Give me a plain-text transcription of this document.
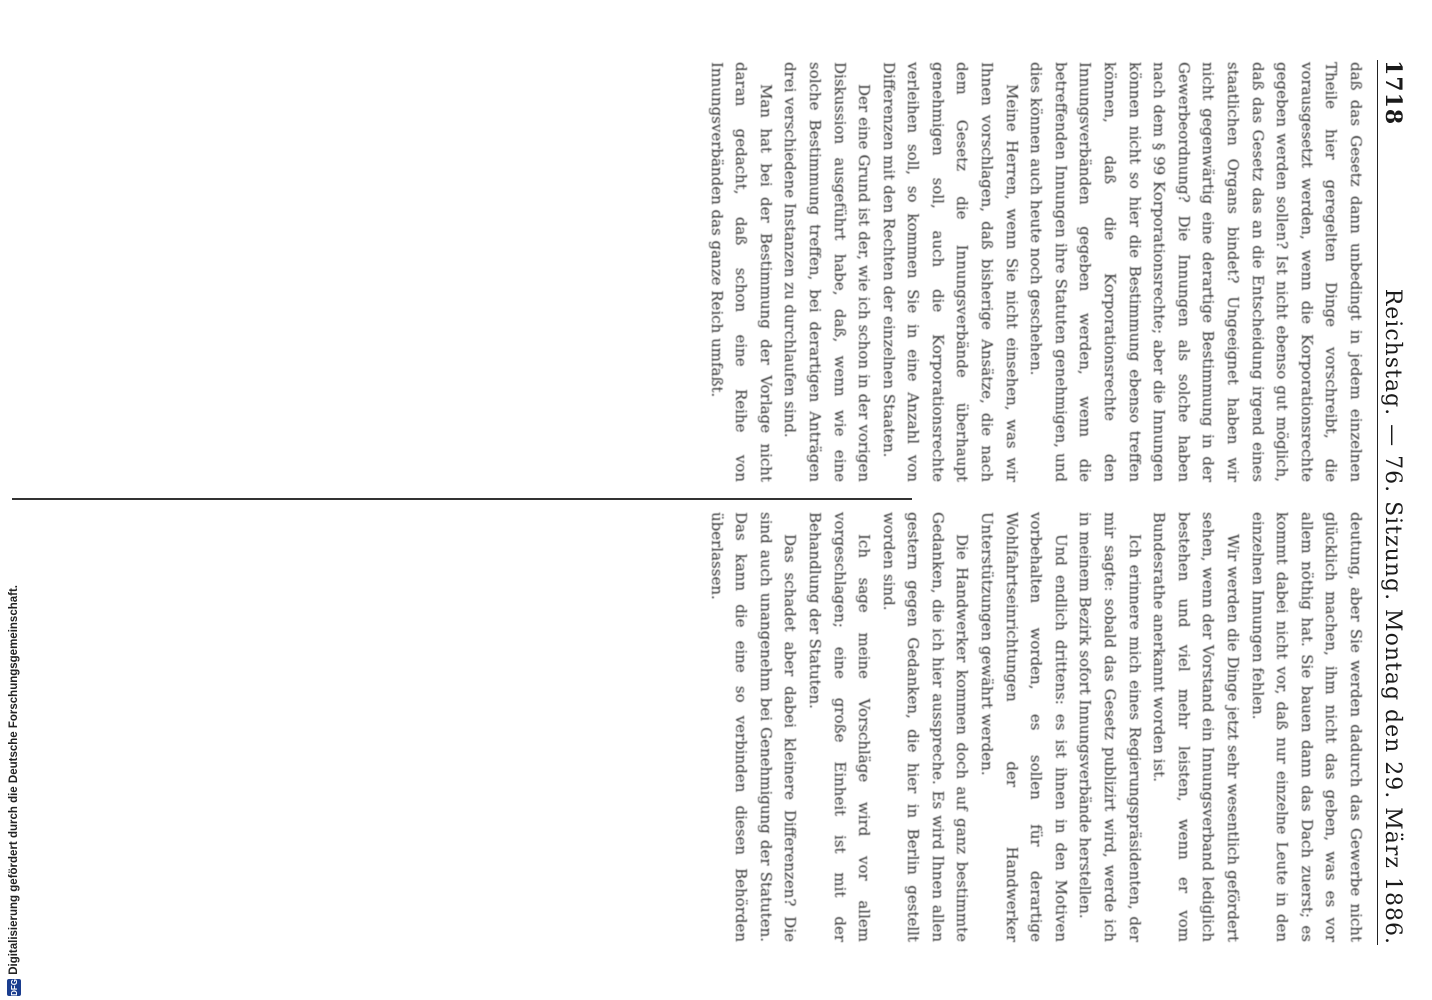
1718
Reichstag. — 76. Sitzung. Montag den 29. März 1886.

daß das Gesetz dann unbedingt in jedem einzelnen Theile hier geregelten Dinge vorschreibt, die vorausgesetzt werden, wenn die Korporationsrechte gegeben werden sollen? Ist nicht ebenso gut möglich, daß das Gesetz das an die Entscheidung irgend eines staatlichen Organs bindet? Ungeeignet haben wir nicht gegenwärtig eine derartige Bestimmung in der Gewerbeordnung? Die Innungen als solche haben nach dem § 99 Korporationsrechte; aber die Innungen können nicht so hier die Bestimmung ebenso treffen können, daß die Korporationsrechte den Innungsverbänden gegeben werden, wenn die betreffenden Innungen ihre Statuten genehmigen, und dies können auch heute noch geschehen.

Meine Herren, wenn Sie nicht einsehen, was wir Ihnen vorschlagen, daß bisherige Ansätze, die nach dem Gesetz die Innungsverbände überhaupt genehmigen soll, auch die Korporationsrechte verleihen soll, so kommen Sie in eine Anzahl von Differenzen mit den Rechten der einzelnen Staaten.

Der eine Grund ist der, wie ich schon in der vorigen Diskussion ausgeführt habe, daß, wenn wie eine solche Bestimmung treffen, bei derartigen Anträgen drei verschiedene Instanzen zu durchlaufen sind.

Man hat bei der Bestimmung der Vorlage nicht daran gedacht, daß schon eine Reihe von Innungsverbänden das ganze Reich umfaßt.

deutung, aber Sie werden dadurch das Gewerbe nicht glücklich machen, ihm nicht das geben, was es vor allem nöthig hat. Sie bauen dann das Dach zuerst; es kommt dabei nicht vor, daß nur einzelne Leute in den einzelnen Innungen fehlen.

Wir werden die Dinge jetzt sehr wesentlich gefördert sehen, wenn der Vorstand ein Innungsverband lediglich bestehen und viel mehr leisten, wenn er vom Bundesrathe anerkannt worden ist.

Ich erinnere mich eines Regierungspräsidenten, der mir sagte: sobald das Gesetz publizirt wird, werde ich in meinem Bezirk sofort Innungsverbände herstellen.

Und endlich drittens: es ist ihnen in den Motiven vorbehalten worden, es sollen für derartige Wohlfahrtseinrichtungen der Handwerker Unterstützungen gewährt werden.

Die Handwerker kommen doch auf ganz bestimmte Gedanken, die ich hier ausspreche. Es wird Ihnen allen gestern gegen Gedanken, die hier in Berlin gestellt worden sind.

Ich sage meine Vorschläge wird vor allem vorgeschlagen; eine große Einheit ist mit der Behandlung der Statuten.

Das schadet aber dabei kleinere Differenzen? Die sind auch unangenehm bei Genehmigung der Statuten. Das kann die eine so verbinden diesen Behörden überlassen.

Digitalisierung gefördert durch die Deutsche Forschungsgemeinschaft.
DFG
